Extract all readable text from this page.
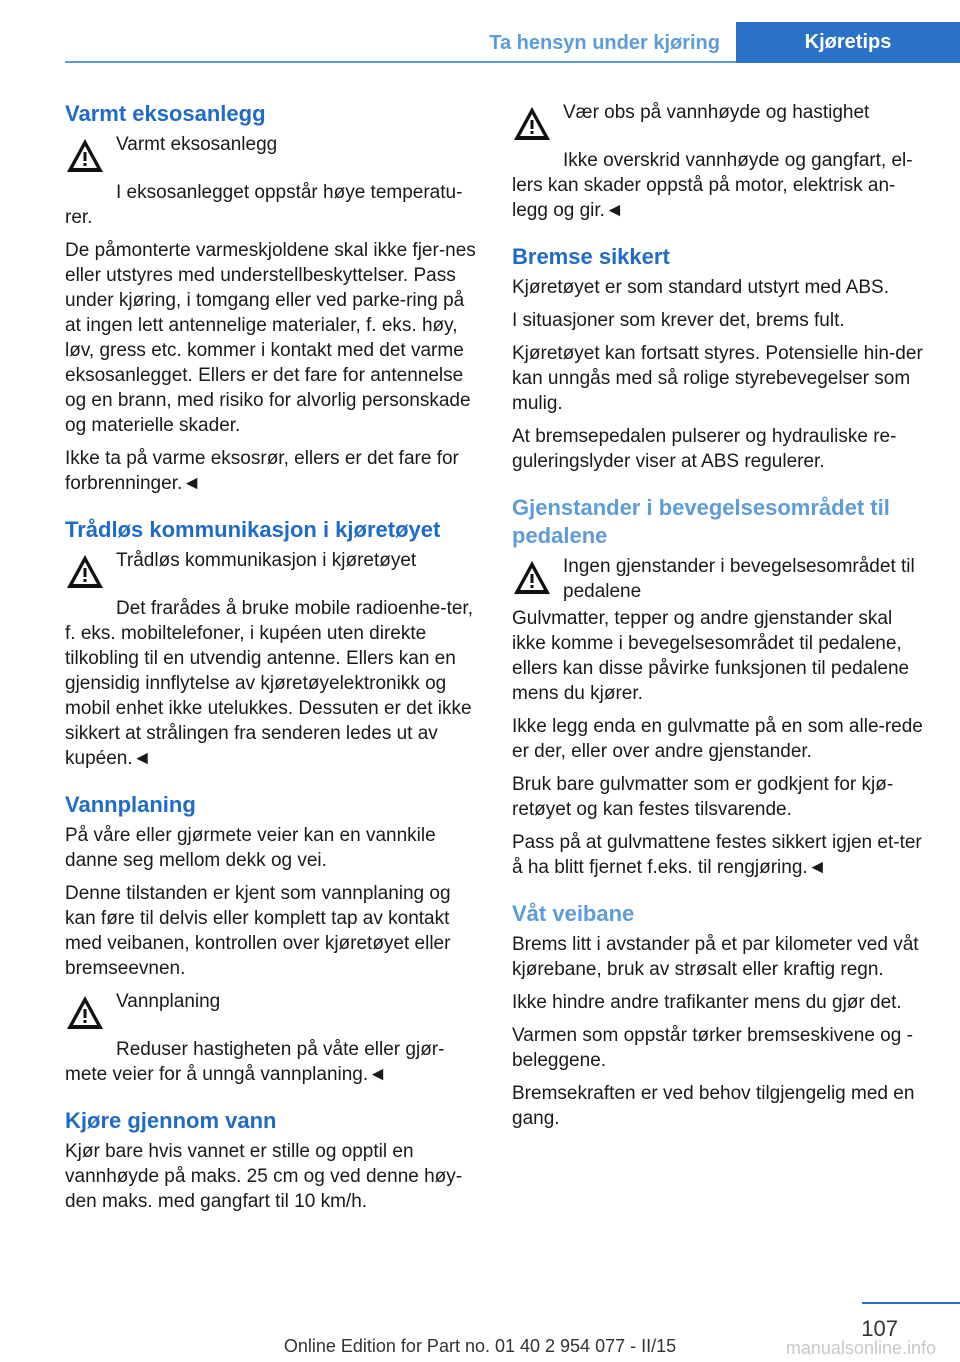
Ta hensyn under kjøring	Kjøretips
Varmt eksosanlegg
Varmt eksosanlegg

I eksosanlegget oppstår høye temperatu-rer.

De påmonterte varmeskjoldene skal ikke fjer-nes eller utstyres med understellbeskyttelser. Pass under kjøring, i tomgang eller ved parke-ring på at ingen lett antennelige materialer, f. eks. høy, løv, gress etc. kommer i kontakt med det varme eksosanlegget. Ellers er det fare for antennelse og en brann, med risiko for alvorlig personskade og materielle skader.

Ikke ta på varme eksosrør, ellers er det fare for forbrenninger.◄

Trådløs kommunikasjon i kjøretøyet
Trådløs kommunikasjon i kjøretøyet

Det frarådes å bruke mobile radioenhe-ter, f. eks. mobiltelefoner, i kupéen uten direkte tilkobling til en utvendig antenne. Ellers kan en gjensidig innflytelse av kjøretøyelektronikk og mobil enhet ikke utelukkes. Dessuten er det ikke sikkert at strålingen fra senderen ledes ut av kupéen.◄

Vannplaning

På våre eller gjørmete veier kan en vannkile danne seg mellom dekk og vei.

Denne tilstanden er kjent som vannplaning og kan føre til delvis eller komplett tap av kontakt med veibanen, kontrollen over kjøretøyet eller bremseevnen.

Vannplaning

Reduser hastigheten på våte eller gjør-mete veier for å unngå vannplaning.◄

Kjøre gjennom vann

Kjør bare hvis vannet er stille og opptil en vannhøyde på maks. 25 cm og ved denne høy-den maks. med gangfart til 10 km/h.

Vær obs på vannhøyde og hastighet

Ikke overskrid vannhøyde og gangfart, el-lers kan skader oppstå på motor, elektrisk an-legg og gir.◄

Bremse sikkert

Kjøretøyet er som standard utstyrt med ABS.

I situasjoner som krever det, brems fult.

Kjøretøyet kan fortsatt styres. Potensielle hin-der kan unngås med så rolige styrebevegelser som mulig.

At bremsepedalen pulserer og hydrauliske re-guleringslyder viser at ABS regulerer.

Gjenstander i bevegelsesområdet til pedalene
Ingen gjenstander i bevegelsesområdet til pedalene

Gulvmatter, tepper og andre gjenstander skal ikke komme i bevegelsesområdet til pedalene, ellers kan disse påvirke funksjonen til pedalene mens du kjører.

Ikke legg enda en gulvmatte på en som alle-rede er der, eller over andre gjenstander.

Bruk bare gulvmatter som er godkjent for kjø-retøyet og kan festes tilsvarende.

Pass på at gulvmattene festes sikkert igjen et-ter å ha blitt fjernet f.eks. til rengjøring.◄

Våt veibane

Brems litt i avstander på et par kilometer ved våt kjørebane, bruk av strøsalt eller kraftig regn.

Ikke hindre andre trafikanter mens du gjør det.

Varmen som oppstår tørker bremseskivene og -beleggene.

Bremsekraften er ved behov tilgjengelig med en gang.

107
Online Edition for Part no. 01 40 2 954 077 - II/15	manualsonline.info
